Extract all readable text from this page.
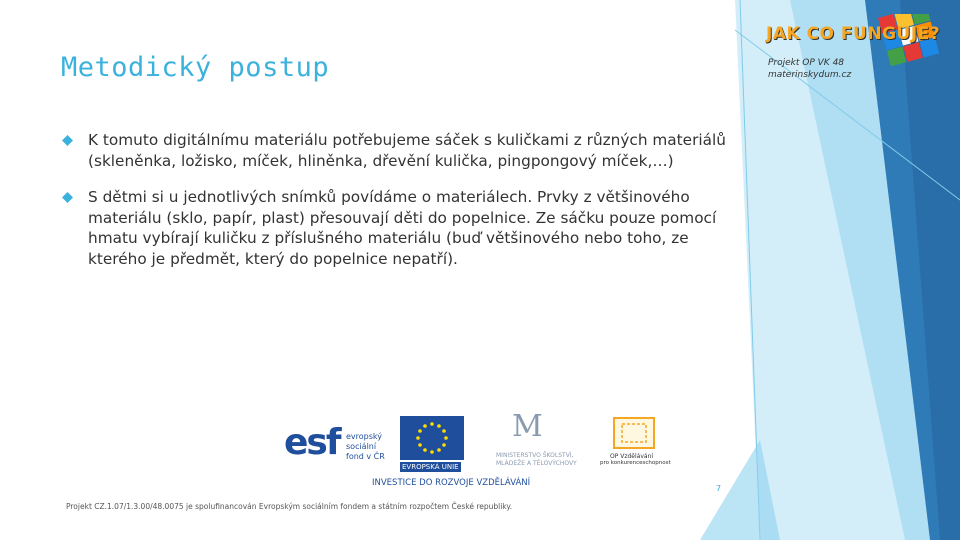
Metodický postup
JAK CO FUNGUJE?
Projekt OP VK 48
materinskydum.cz
K tomuto digitálnímu materiálu potřebujeme sáček s kuličkami z různých materiálů (skleněnka, ložisko, míček, hliněnka, dřevění kulička, pingpongový míček,…)
S dětmi si u jednotlivých snímků povídáme o materiálech. Prvky z většinového materiálu (sklo, papír, plast) přesouvají děti do popelnice. Ze sáčku pouze pomocí hmatu vybírají kuličku z příslušného materiálu (buď většinového nebo toho, ze kterého je předmět, který do popelnice nepatří).
esf evropský
sociální
fond v ČR
EVROPSKÁ UNIE
M

MINISTERSTVO ŠKOLSTVÍ,
MLÁDEŽE A TĚLOVÝCHOVY
OP Vzdělávání
pro konkurenceschopnost
INVESTICE DO ROZVOJE VZDĚLÁVÁNÍ
7
Projekt CZ.1.07/1.3.00/48.0075 je spolufinancován Evropským sociálním fondem a státním rozpočtem České republiky.
